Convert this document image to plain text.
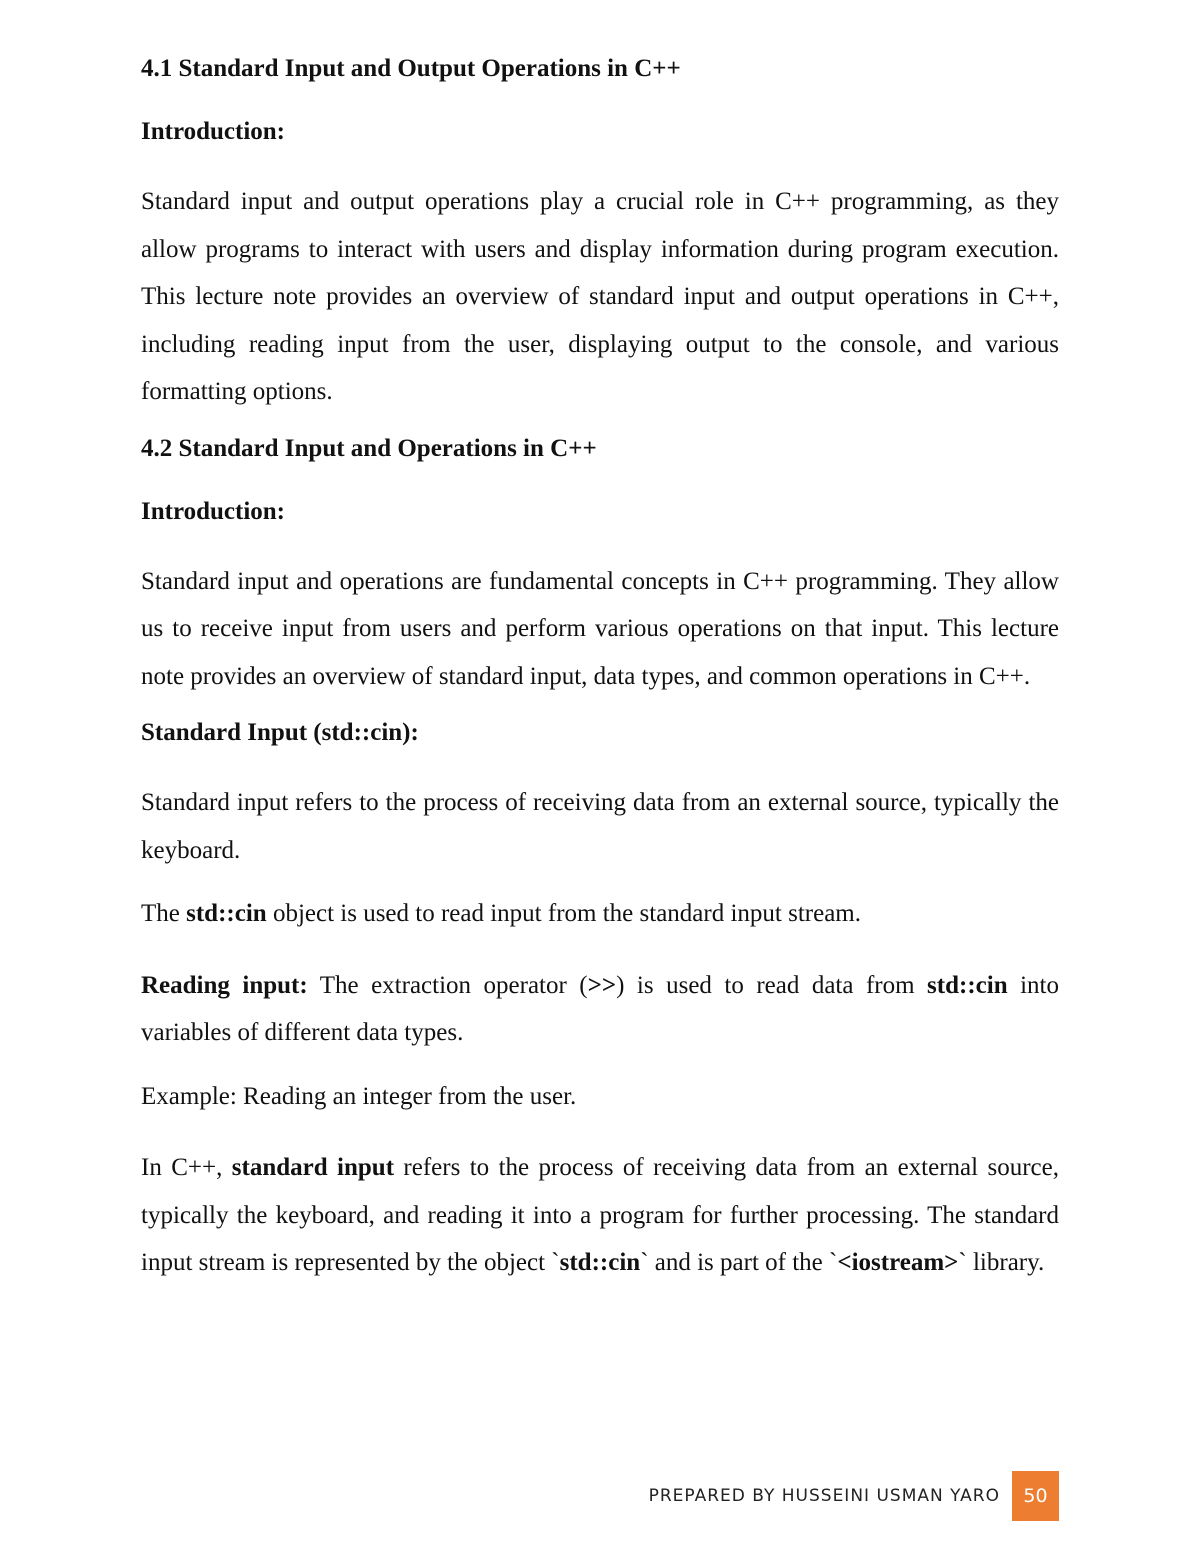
4.1 Standard Input and Output Operations in C++
Introduction:

Standard input and output operations play a crucial role in C++ programming, as they allow programs to interact with users and display information during program execution. This lecture note provides an overview of standard input and output operations in C++, including reading input from the user, displaying output to the console, and various formatting options.

4.2 Standard Input and Operations in C++
Introduction:

Standard input and operations are fundamental concepts in C++ programming. They allow us to receive input from users and perform various operations on that input. This lecture note provides an overview of standard input, data types, and common operations in C++.

Standard Input (std::cin):

Standard input refers to the process of receiving data from an external source, typically the keyboard.

The std::cin object is used to read input from the standard input stream.

Reading input: The extraction operator (>>) is used to read data from std::cin into variables of different data types.

Example: Reading an integer from the user.

In C++, standard input refers to the process of receiving data from an external source, typically the keyboard, and reading it into a program for further processing. The standard input stream is represented by the object `std::cin` and is part of the `<iostream>` library.

PREPARED BY HUSSEINI USMAN YARO	50
